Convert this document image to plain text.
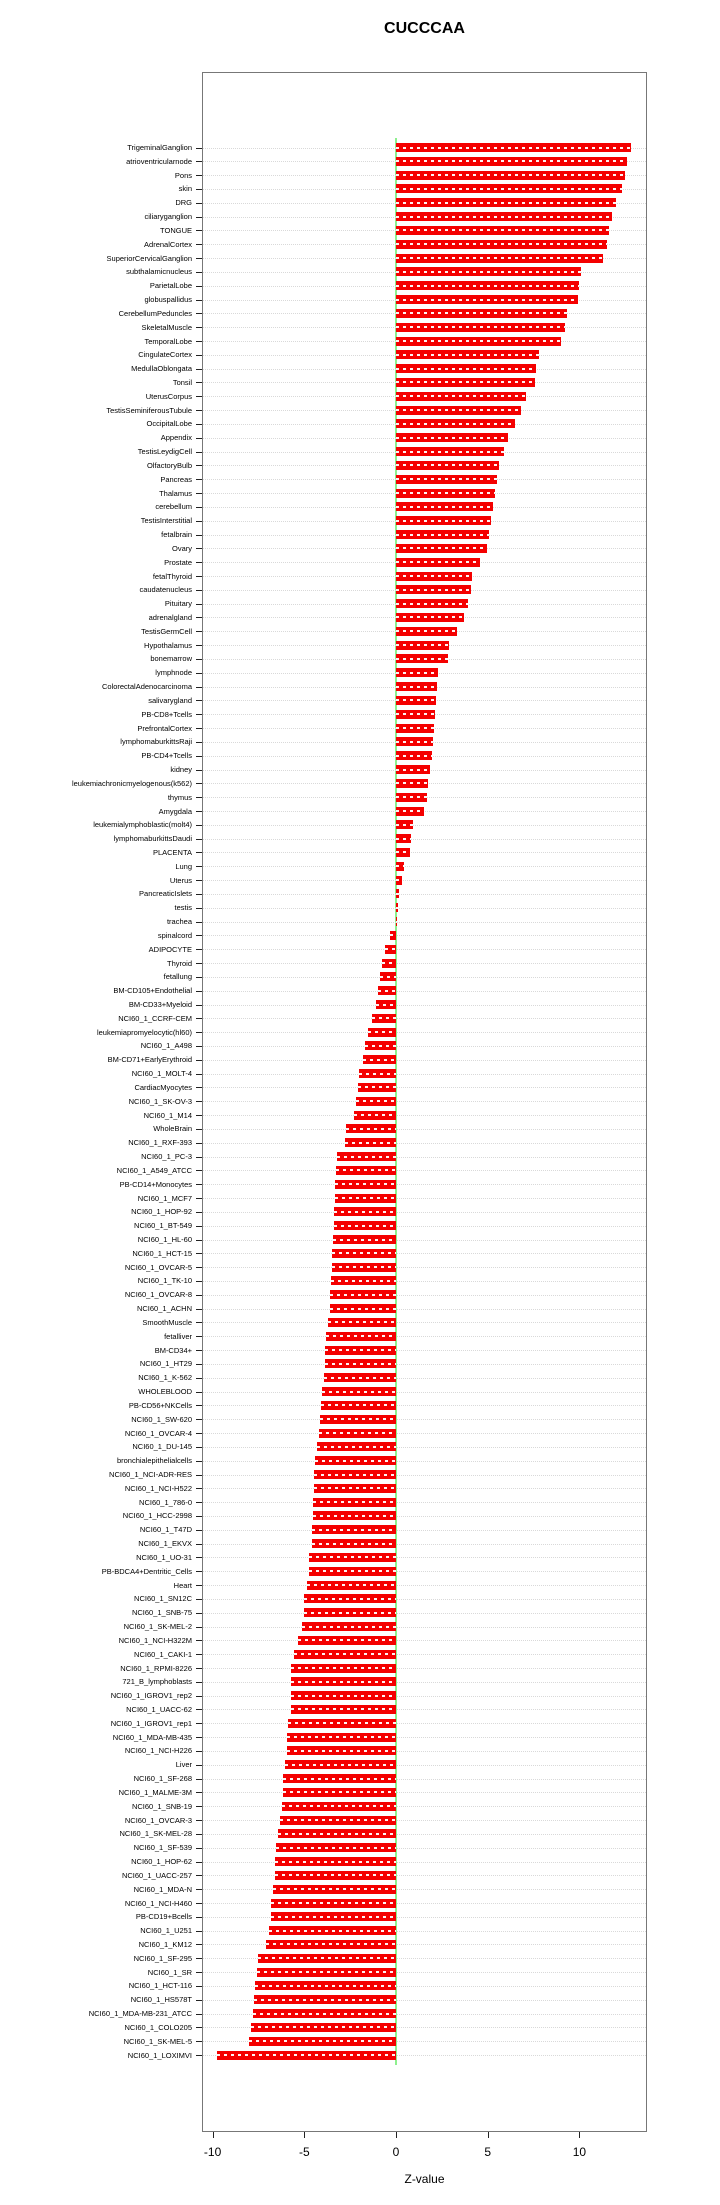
CUCCCAA
TrigeminalGanglion
atrioventricularnode
Pons
skin
DRG
ciliaryganglion
TONGUE
AdrenalCortex
SuperiorCervicalGanglion
subthalamicnucleus
ParietalLobe
globuspallidus
CerebellumPeduncles
SkeletalMuscle
TemporalLobe
CingulateCortex
MedullaOblongata
Tonsil
UterusCorpus
TestisSeminiferousTubule
OccipitalLobe
Appendix
TestisLeydigCell
OlfactoryBulb
Pancreas
Thalamus
cerebellum
TestisInterstitial
fetalbrain
Ovary
Prostate
fetalThyroid
caudatenucleus
Pituitary
adrenalgland
TestisGermCell
Hypothalamus
bonemarrow
lymphnode
ColorectalAdenocarcinoma
salivarygland
PB-CD8+Tcells
PrefrontalCortex
lymphomaburkittsRaji
PB-CD4+Tcells
kidney
leukemiachronicmyelogenous(k562)
thymus
Amygdala
leukemialymphoblastic(molt4)
lymphomaburkittsDaudi
PLACENTA
Lung
Uterus
PancreaticIslets
testis
trachea
spinalcord
ADIPOCYTE
Thyroid
fetallung
BM-CD105+Endothelial
BM-CD33+Myeloid
NCI60_1_CCRF-CEM
leukemiapromyelocytic(hl60)
NCI60_1_A498
BM-CD71+EarlyErythroid
NCI60_1_MOLT-4
CardiacMyocytes
NCI60_1_SK-OV-3
NCI60_1_M14
WholeBrain
NCI60_1_RXF-393
NCI60_1_PC-3
NCI60_1_A549_ATCC
PB-CD14+Monocytes
NCI60_1_MCF7
NCI60_1_HOP-92
NCI60_1_BT-549
NCI60_1_HL-60
NCI60_1_HCT-15
NCI60_1_OVCAR-5
NCI60_1_TK-10
NCI60_1_OVCAR-8
NCI60_1_ACHN
SmoothMuscle
fetalliver
BM-CD34+
NCI60_1_HT29
NCI60_1_K-562
WHOLEBLOOD
PB-CD56+NKCells
NCI60_1_SW-620
NCI60_1_OVCAR-4
NCI60_1_DU-145
bronchialepithelialcells
NCI60_1_NCI-ADR-RES
NCI60_1_NCI-H522
NCI60_1_786-0
NCI60_1_HCC-2998
NCI60_1_T47D
NCI60_1_EKVX
NCI60_1_UO-31
PB-BDCA4+Dentritic_Cells
Heart
NCI60_1_SN12C
NCI60_1_SNB-75
NCI60_1_SK-MEL-2
NCI60_1_NCI-H322M
NCI60_1_CAKI-1
NCI60_1_RPMI-8226
721_B_lymphoblasts
NCI60_1_IGROV1_rep2
NCI60_1_UACC-62
NCI60_1_IGROV1_rep1
NCI60_1_MDA-MB-435
NCI60_1_NCI-H226
Liver
NCI60_1_SF-268
NCI60_1_MALME-3M
NCI60_1_SNB-19
NCI60_1_OVCAR-3
NCI60_1_SK-MEL-28
NCI60_1_SF-539
NCI60_1_HOP-62
NCI60_1_UACC-257
NCI60_1_MDA-N
NCI60_1_NCI-H460
PB-CD19+Bcells
NCI60_1_U251
NCI60_1_KM12
NCI60_1_SF-295
NCI60_1_SR
NCI60_1_HCT-116
NCI60_1_HS578T
NCI60_1_MDA-MB-231_ATCC
NCI60_1_COLO205
NCI60_1_SK-MEL-5
NCI60_1_LOXIMVI
-10	-5	0	5	10
Z-value
